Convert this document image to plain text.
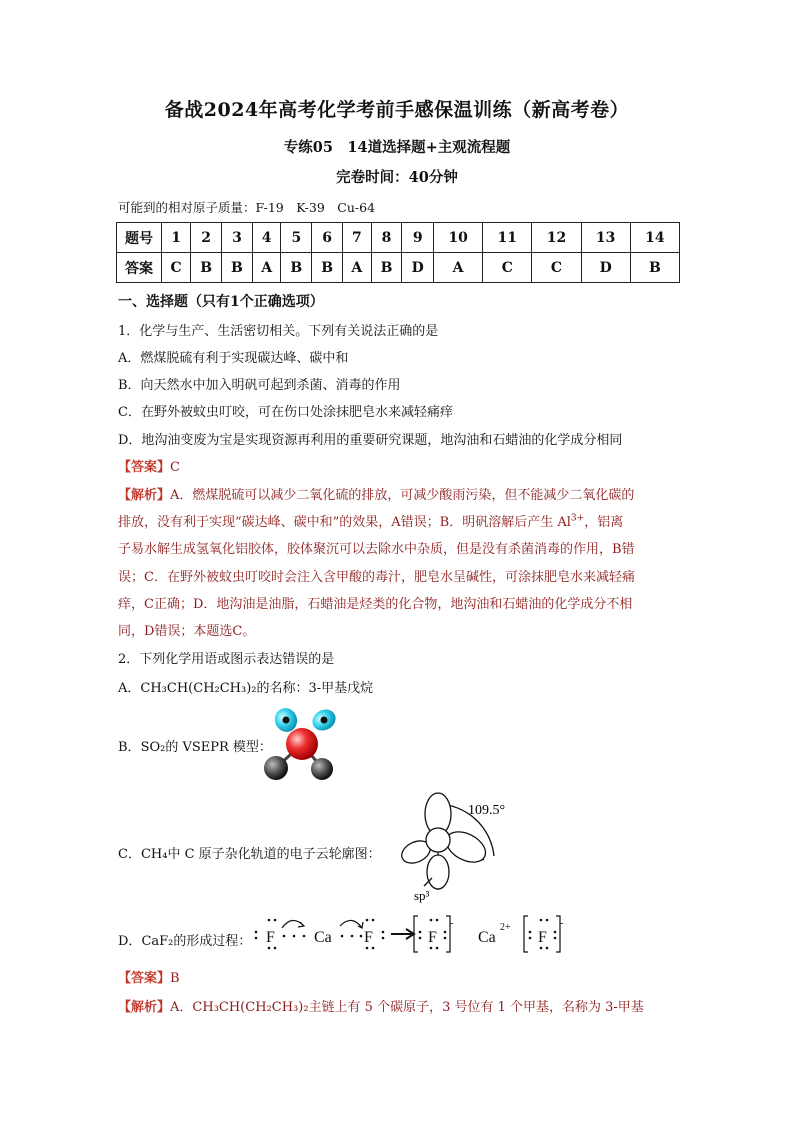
备战2024年高考化学考前手感保温训练（新高考卷）
专练05　14道选择题+主观流程题
完卷时间：40分钟
可能到的相对原子质量：F-19　K-39　Cu-64
题号	1	2	3	4	5	6	7	8	9	10	11	12	13	14
答案	C	B	B	A	B	B	A	B	D	A	C	C	D	B
一、选择题（只有1个正确选项）
1．化学与生产、生活密切相关。下列有关说法正确的是
A．燃煤脱硫有利于实现碳达峰、碳中和
B．向天然水中加入明矾可起到杀菌、消毒的作用
C．在野外被蚊虫叮咬，可在伤口处涂抹肥皂水来减轻痛痒
D．地沟油变废为宝是实现资源再利用的重要研究课题，地沟油和石蜡油的化学成分相同
【答案】C
【解析】A．燃煤脱硫可以减少二氧化硫的排放，可减少酸雨污染，但不能减少二氧化碳的
排放，没有利于实现“碳达峰、碳中和”的效果，A错误；B．明矾溶解后产生 $Al^{3+}$，铝离
子易水解生成氢氧化铝胶体，胶体聚沉可以去除水中杂质，但是没有杀菌消毒的作用，B错
误；C．在野外被蚊虫叮咬时会注入含甲酸的毒汁，肥皂水呈碱性，可涂抹肥皂水来减轻痛
痒，C正确；D．地沟油是油脂，石蜡油是烃类的化合物，地沟油和石蜡油的化学成分不相
同，D错误；本题选C。
2．下列化学用语或图示表达错误的是
A．CH₃CH(CH₂CH₃)₂的名称：3-甲基戊烷
B．SO₂的 VSEPR 模型：
C．CH₄中 C 原子杂化轨道的电子云轮廓图：
109.5°
sp³
D．CaF₂的形成过程： F Ca F	F	Ca	F
2+
-	-
【答案】B
【解析】A．CH₃CH(CH₂CH₃)₂主链上有 5 个碳原子，3 号位有 1 个甲基，名称为 3-甲基
